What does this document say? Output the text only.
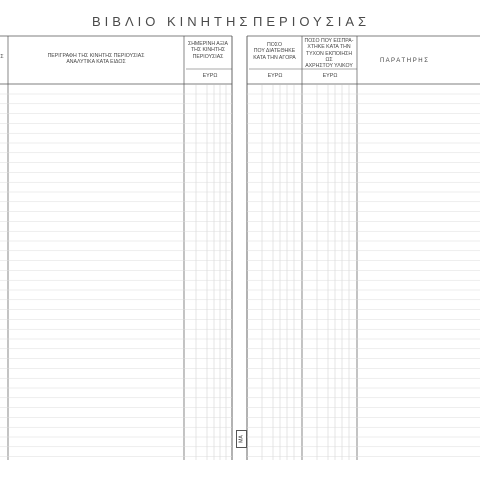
ΒΙΒΛΙΟ ΚΙΝΗΤΗΣ ΠΕΡΙΟΥΣΙΑΣ
Σ	ΠΕΡΙΓΡΑΦΗ ΤΗΣ ΚΙΝΗΤΗΣ ΠΕΡΙΟΥΣΙΑΣ
ΑΝΑΛΥΤΙΚΑ ΚΑΤΑ ΕΙΔΟΣ
ΣΗΜΕΡΙΝΗ ΑΞΙΑ
ΤΗΣ ΚΙΝΗΤΗΣ
ΠΕΡΙΟΥΣΙΑΣ
ΕΥΡΩ
ΠΟΣΟ
ΠΟΥ ΔΙΑΤΕΘΗΚΕ
ΚΑΤΑ ΤΗΝ ΑΓΟΡΑ
ΕΥΡΩ
ΠΟΣΟ ΠΟΥ ΕΙΣΠΡΑ-
ΧΤΗΚΕ ΚΑΤΑ ΤΗΝ
ΤΥΧΟΝ ΕΚΠΟΙΗΣΗ ΩΣ
ΑΧΡΗΣΤΟΥ ΥΛΙΚΟΥ
ΕΥΡΩ
Π Α Ρ Α Τ Η Ρ Η Σ
ΜΑ
